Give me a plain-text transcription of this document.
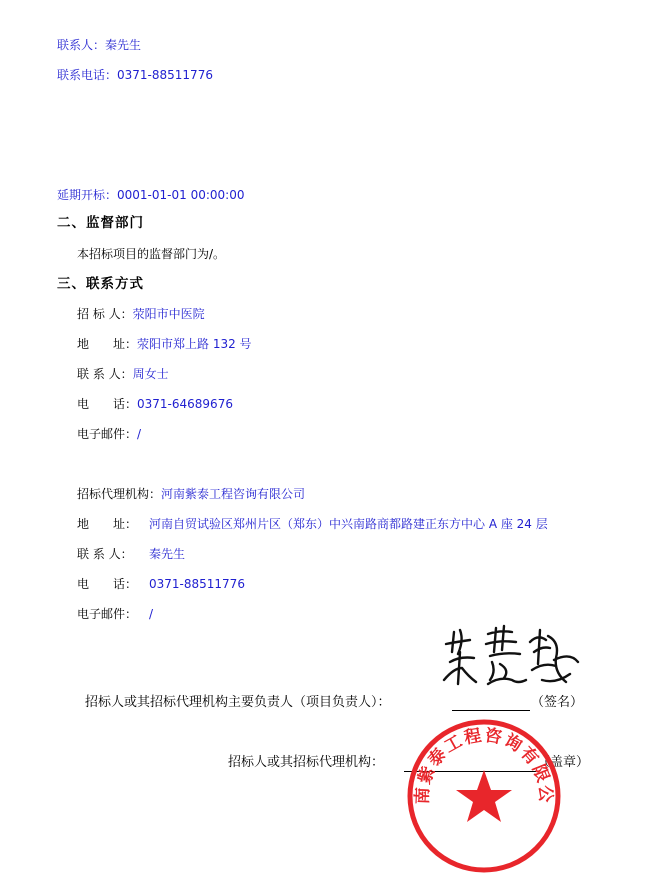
联系人：秦先生
联系电话：0371-88511776
延期开标：0001-01-01 00:00:00
二、监督部门
本招标项目的监督部门为/。
三、联系方式
招 标 人：荥阳市中医院
地　　址：荥阳市郑上路 132 号
联 系 人：周女士
电　　话：0371-64689676
电子邮件：/
招标代理机构：河南紫泰工程咨询有限公司
地　　址： 河南自贸试验区郑州片区（郑东）中兴南路商都路建正东方中心 A 座 24 层
联 系 人： 秦先生
电　　话： 0371-88511776
电子邮件： /
招标人或其招标代理机构主要负责人（项目负责人）：	（签名）
招标人或其招标代理机构：	（盖章）
南紫泰工程咨询有限公
